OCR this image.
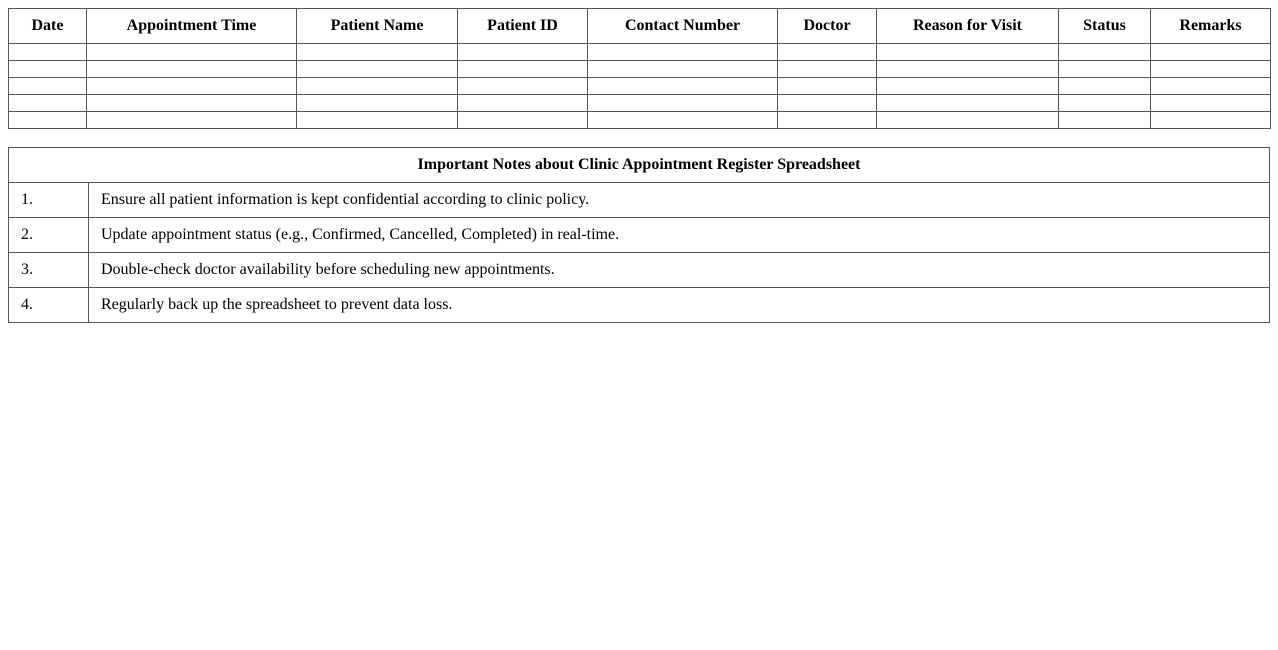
Date	Appointment Time	Patient Name	Patient ID	Contact Number	Doctor	Reason for Visit	Status	Remarks

Important Notes about Clinic Appointment Register Spreadsheet	
1.	Ensure all patient information is kept confidential according to clinic policy.
2.	Update appointment status (e.g., Confirmed, Cancelled, Completed) in real-time.
3.	Double-check doctor availability before scheduling new appointments.
4.	Regularly back up the spreadsheet to prevent data loss.
